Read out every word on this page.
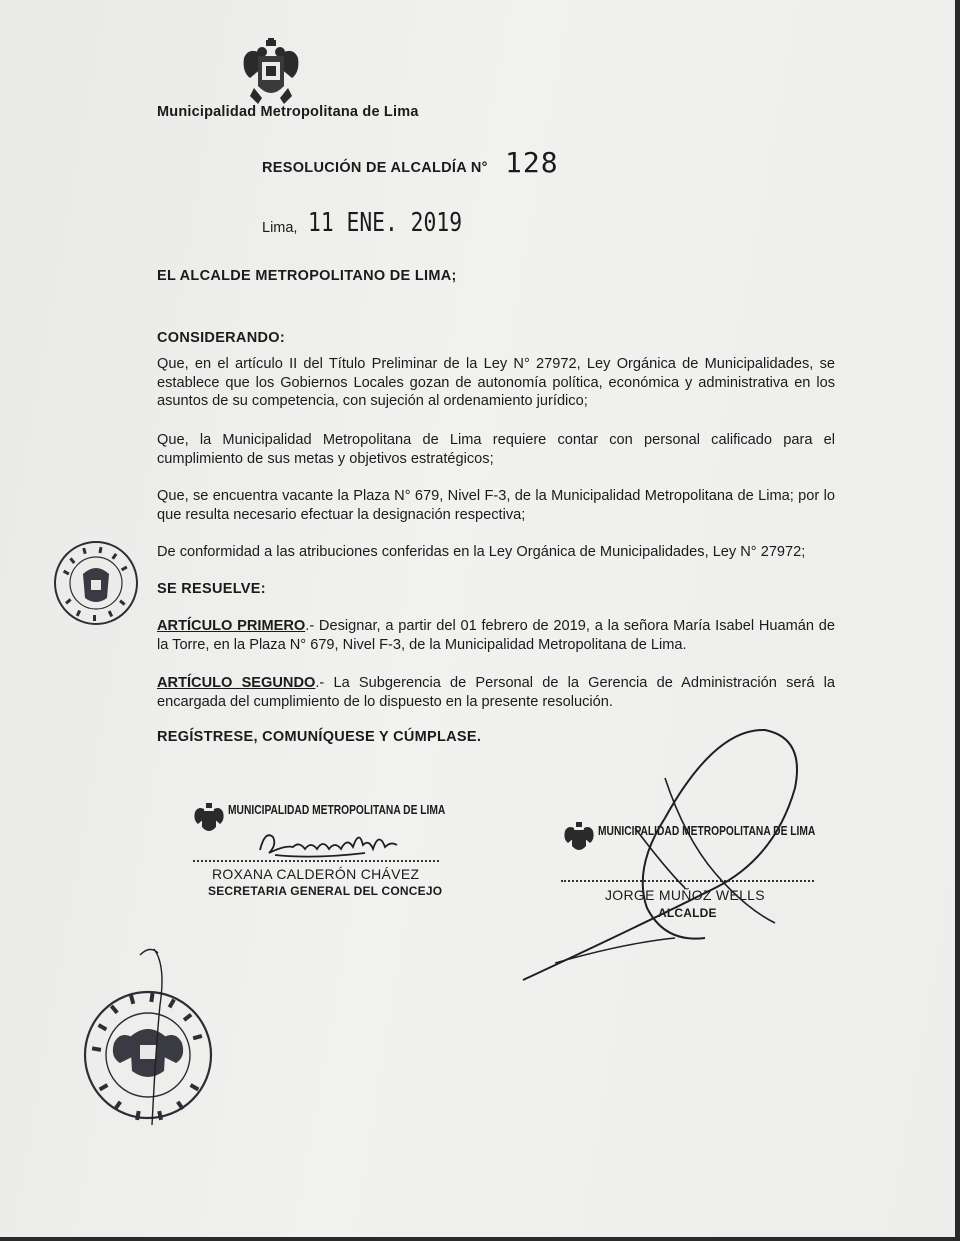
Municipalidad Metropolitana de Lima
RESOLUCIÓN DE ALCALDÍA N° 128
Lima, 11 ENE. 2019
EL ALCALDE METROPOLITANO DE LIMA;
CONSIDERANDO:
Que, en el artículo II del Título Preliminar de la Ley N° 27972, Ley Orgánica de Municipalidades, se establece que los Gobiernos Locales gozan de autonomía política, económica y administrativa en los asuntos de su competencia, con sujeción al ordenamiento jurídico;
Que, la Municipalidad Metropolitana de Lima requiere contar con personal calificado para el cumplimiento de sus metas y objetivos estratégicos;
Que, se encuentra vacante la Plaza N° 679, Nivel F-3, de la Municipalidad Metropolitana de Lima; por lo que resulta necesario efectuar la designación respectiva;
De conformidad a las atribuciones conferidas en la Ley Orgánica de Municipalidades, Ley N° 27972;
SE RESUELVE:
ARTÍCULO PRIMERO.- Designar, a partir del 01 febrero de 2019, a la señora María Isabel Huamán de la Torre, en la Plaza N° 679, Nivel F-3, de la Municipalidad Metropolitana de Lima.
ARTÍCULO SEGUNDO.- La Subgerencia de Personal de la Gerencia de Administración será la encargada del cumplimiento de lo dispuesto en la presente resolución.
REGÍSTRESE, COMUNÍQUESE Y CÚMPLASE.
MUNICIPALIDAD METROPOLITANA DE LIMA
ROXANA CALDERÓN CHÁVEZ
SECRETARIA GENERAL DEL CONCEJO
MUNICIPALIDAD METROPOLITANA DE LIMA
JORGE MUÑOZ WELLS
ALCALDE
